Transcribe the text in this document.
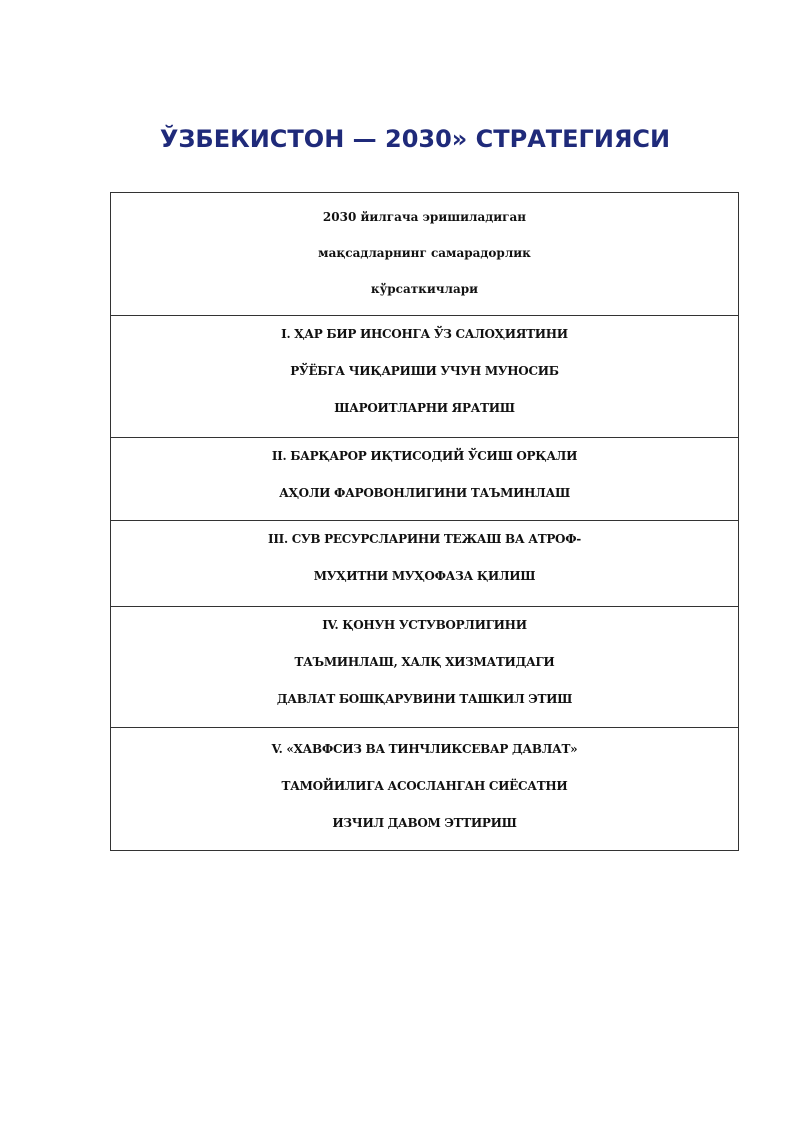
ЎЗБЕКИСТОН — 2030» СТРАТЕГИЯСИ
2030 йилгача эришиладиган
мақсадларнинг самарадорлик
кўрсаткичлари
I. ҲАР БИР ИНСОНГА ЎЗ САЛОҲИЯТИНИ
РЎЁБГА ЧИҚАРИШИ УЧУН МУНОСИБ
ШАРОИТЛАРНИ ЯРАТИШ
II. БАРҚАРОР ИҚТИСОДИЙ ЎСИШ ОРҚАЛИ
АҲОЛИ ФАРОВОНЛИГИНИ ТАЪМИНЛАШ
III. СУВ РЕСУРСЛАРИНИ ТЕЖАШ ВА АТРОФ-
МУҲИТНИ МУҲОФАЗА ҚИЛИШ
IV. ҚОНУН УСТУВОРЛИГИНИ
ТАЪМИНЛАШ, ХАЛҚ ХИЗМАТИДАГИ
ДАВЛАТ БОШҚАРУВИНИ ТАШКИЛ ЭТИШ
V. «ХАВФСИЗ ВА ТИНЧЛИКСЕВАР ДАВЛАТ»
ТАМОЙИЛИГА АСОСЛАНГАН СИЁСАТНИ
ИЗЧИЛ ДАВОМ ЭТТИРИШ
